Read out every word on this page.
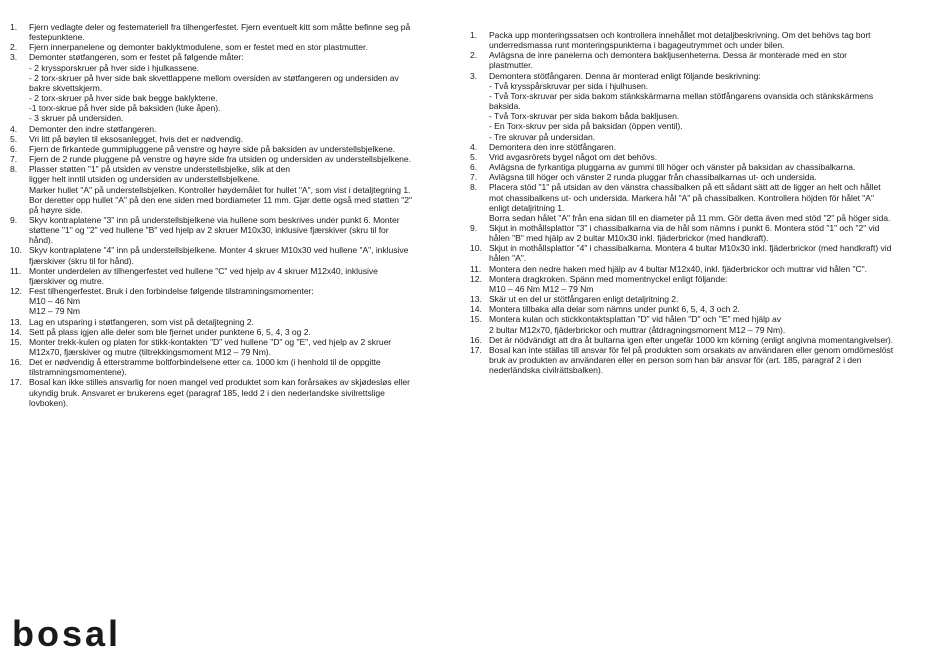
1.	Fjern vedlagte deler og festemateriell fra tilhengerfestet. Fjern eventuelt kitt som måtte befinne seg på
festepunktene.
2.	Fjern innerpanelene og demonter baklyktmodulene, som er festet med en stor plastmutter.
3.	Demonter støtfangeren, som er festet på følgende måter:
- 2 kryssporskruer på hver side i hjulkassene.
- 2 torx-skruer på hver side bak skvettlappene mellom oversiden av støtfangeren og undersiden av
bakre skvettskjerm.
- 2 torx-skruer på hver side bak begge baklyktene.
-1 torx-skrue på hver side på baksiden (luke åpen).
- 3 skruer på undersiden.
4.	Demonter den indre støtfangeren.
5.	Vri litt på bøylen til eksosanlegget, hvis det er nødvendig.
6.	Fjern de firkantede gummipluggene på venstre og høyre side på baksiden av understellsbjelkene.
7.	Fjern de 2 runde pluggene på venstre og høyre side fra utsiden og undersiden av understellsbjelkene.
8.	Plasser støtten "1" på utsiden av venstre understellsbjelke, slik at den
ligger helt inntil utsiden og undersiden av understellsbjelkene.
Marker hullet "A" på understellsbjelken. Kontroller høydemålet for hullet "A", som vist i detaljtegning 1.
Bor deretter opp hullet "A" på den ene siden med bordiameter 11 mm. Gjør dette også med støtten "2"
på høyre side.
9.	Skyv kontraplatene "3" inn på understellsbjelkene via hullene som beskrives under punkt 6. Monter
støttene "1" og "2" ved hullene "B" ved hjelp av 2 skruer M10x30, inklusive fjærskiver (skru til for
hånd).
10. Skyv kontraplatene "4" inn på understellsbjelkene. Monter 4 skruer M10x30 ved hullene "A", inklusive
fjærskiver (skru til for hånd).
11. Monter underdelen av tilhengerfestet ved hullene "C" ved hjelp av 4 skruer M12x40, inklusive
fjærskiver og mutre.
12. Fest tilhengerfestet. Bruk i den forbindelse følgende tilstramningsmomenter:
M10 – 46 Nm
M12 – 79 Nm
13. Lag en utsparing i støtfangeren, som vist på detaljtegning 2.
14. Sett på plass igjen alle deler som ble fjernet under punktene 6, 5, 4, 3 og 2.
15. Monter trekk-kulen og platen for stikk-kontakten "D" ved hullene "D" og "E", ved hjelp av 2 skruer
M12x70, fjærskiver og mutre (tiltrekkingsmoment M12 – 79 Nm).
16. Det er nødvendig å etterstramme boltforbindelsene etter ca. 1000 km (i henhold til de oppgitte
tilstramningsmomentene).
17. Bosal kan ikke stilles ansvarlig for noen mangel ved produktet som kan forårsakes av skjødesløs eller
ukyndig bruk. Ansvaret er brukerens eget (paragraf 185, ledd 2 i den nederlandske sivilrettslige
lovboken).
1.	Packa upp monteringssatsen och kontrollera innehållet mot detaljbeskrivning. Om det behövs tag bort
underredsmassa runt monteringspunkterna i bagageutrymmet och under bilen.
2.	Avlägsna de inre panelerna och demontera bakljusenheterna. Dessa är monterade med en stor
plastmutter.
3.	Demontera stötfångaren. Denna är monterad enligt följande beskrivning:
- Två krysspårskruvar per sida i hjulhusen.
- Två Torx-skruvar per sida bakom stänkskärmarna mellan stötfångarens ovansida och stänkskärmens
baksida.
- Två Torx-skruvar per sida bakom båda bakljusen.
- En Torx-skruv per sida på baksidan (öppen ventil).
- Tre skruvar på undersidan.
4.	Demontera den inre stötfångaren.
5.	Vrid avgasrörets bygel något om det behövs.
6.	Avlägsna de fyrkantiga pluggarna av gummi till höger och vänster på baksidan av chassibalkarna.
7.	Avlägsna till höger och vänster 2 runda pluggar från chassibalkarnas ut- och undersida.
8.	Placera stöd "1" på utsidan av den vänstra chassibalken på ett sådant sätt att de ligger an helt och hållet
mot chassibalkens ut- och undersida. Markera hål "A" på chassibalken. Kontrollera höjden för hålet "A"
enligt detaljritning 1.
Borra sedan hålet "A" från ena sidan till en diameter på 11 mm. Gör detta även med stöd "2" på höger sida.
9.	Skjut in mothållsplattor "3" i chassibalkarna via de hål som nämns i punkt 6. Montera stöd "1" och "2" vid
hålen "B" med hjälp av 2 bultar M10x30 inkl. fjäderbrickor (med handkraft).
10. Skjut in mothållsplattor "4" i chassibalkarna. Montera 4 bultar M10x30 inkl. fjäderbrickor (med handkraft) vid
hålen "A".
11. Montera den nedre haken med hjälp av 4 bultar M12x40, inkl. fjäderbrickor och muttrar vid hålen "C".
12. Montera dragkroken. Spänn med momentnyckel enligt följande:
M10 – 46 Nm M12 – 79 Nm
13. Skär ut en del ur stötfångaren enligt detaljritning 2.
14. Montera tillbaka alla delar som nämns under punkt 6, 5, 4, 3 och 2.
15. Montera kulan och stickkontaktsplattan "D" vid hålen "D" och "E" med hjälp av
2 bultar M12x70, fjäderbrickor och muttrar (åtdragningsmoment M12 – 79 Nm).
16. Det är nödvändigt att dra åt bultarna igen efter ungefär 1000 km körning (enligt angivna momentangivelser).
17. Bosal kan inte ställas till ansvar för fel på produkten som orsakats av användaren eller genom omdömeslöst
bruk av produkten av användaren eller en person som han bär ansvar för (art. 185, paragraf 2 i den
nederländska civilrättsbalken).
bosal
